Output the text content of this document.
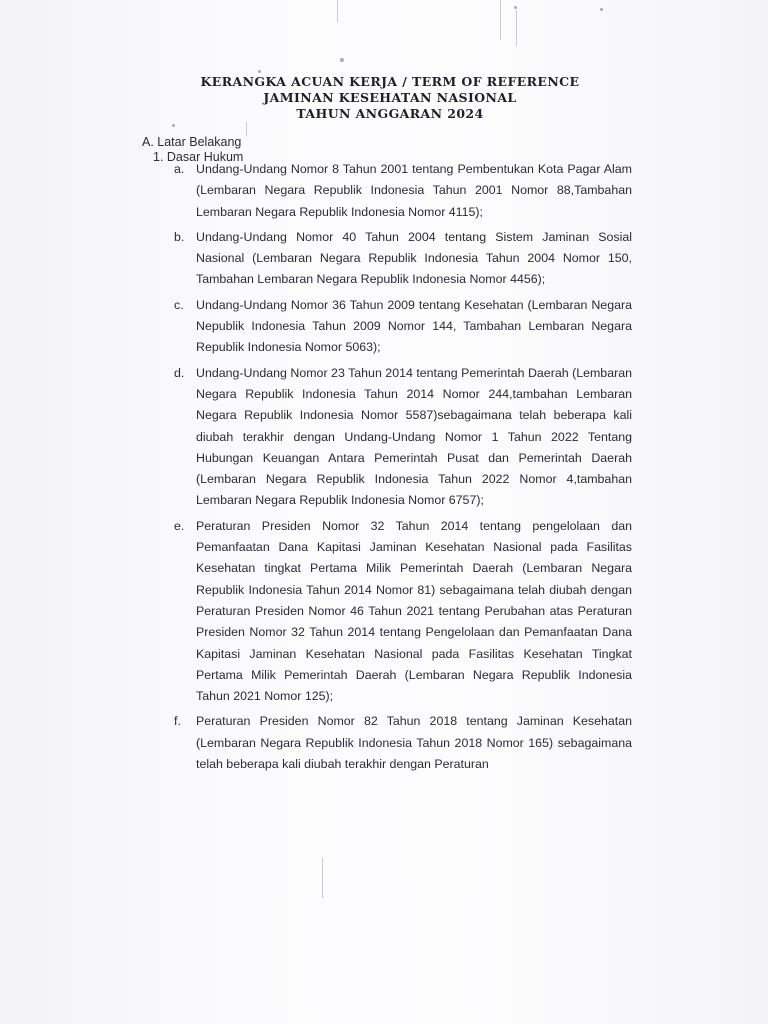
KERANGKA ACUAN KERJA / TERM OF REFERENCE
JAMINAN KESEHATAN NASIONAL
TAHUN ANGGARAN 2024
A. Latar Belakang
1. Dasar Hukum
a. Undang-Undang Nomor 8 Tahun 2001 tentang Pembentukan Kota Pagar Alam (Lembaran Negara Republik Indonesia Tahun 2001 Nomor 88,Tambahan Lembaran Negara Republik Indonesia Nomor 4115);
b. Undang-Undang Nomor 40 Tahun 2004 tentang Sistem Jaminan Sosial Nasional (Lembaran Negara Republik Indonesia Tahun 2004 Nomor 150, Tambahan Lembaran Negara Republik Indonesia Nomor 4456);
c. Undang-Undang Nomor 36 Tahun 2009 tentang Kesehatan (Lembaran Negara Nepublik Indonesia Tahun 2009 Nomor 144, Tambahan Lembaran Negara Republik Indonesia Nomor 5063);
d. Undang-Undang Nomor 23 Tahun 2014 tentang Pemerintah Daerah (Lembaran Negara Republik Indonesia Tahun 2014 Nomor 244,tambahan Lembaran Negara Republik Indonesia Nomor 5587)sebagaimana telah beberapa kali diubah terakhir dengan Undang-Undang Nomor 1 Tahun 2022 Tentang Hubungan Keuangan Antara Pemerintah Pusat dan Pemerintah Daerah (Lembaran Negara Republik Indonesia Tahun 2022 Nomor 4,tambahan Lembaran Negara Republik Indonesia Nomor 6757);
e. Peraturan Presiden Nomor 32 Tahun 2014 tentang pengelolaan dan Pemanfaatan Dana Kapitasi Jaminan Kesehatan Nasional pada Fasilitas Kesehatan tingkat Pertama Milik Pemerintah Daerah (Lembaran Negara Republik Indonesia Tahun 2014 Nomor 81) sebagaimana telah diubah dengan Peraturan Presiden Nomor 46 Tahun 2021 tentang Perubahan atas Peraturan Presiden Nomor 32 Tahun 2014 tentang Pengelolaan dan Pemanfaatan Dana Kapitasi Jaminan Kesehatan Nasional pada Fasilitas Kesehatan Tingkat Pertama Milik Pemerintah Daerah (Lembaran Negara Republik Indonesia Tahun 2021 Nomor 125);
f. Peraturan Presiden Nomor 82 Tahun 2018 tentang Jaminan Kesehatan (Lembaran Negara Republik Indonesia Tahun 2018 Nomor 165) sebagaimana telah beberapa kali diubah terakhir dengan Peraturan
